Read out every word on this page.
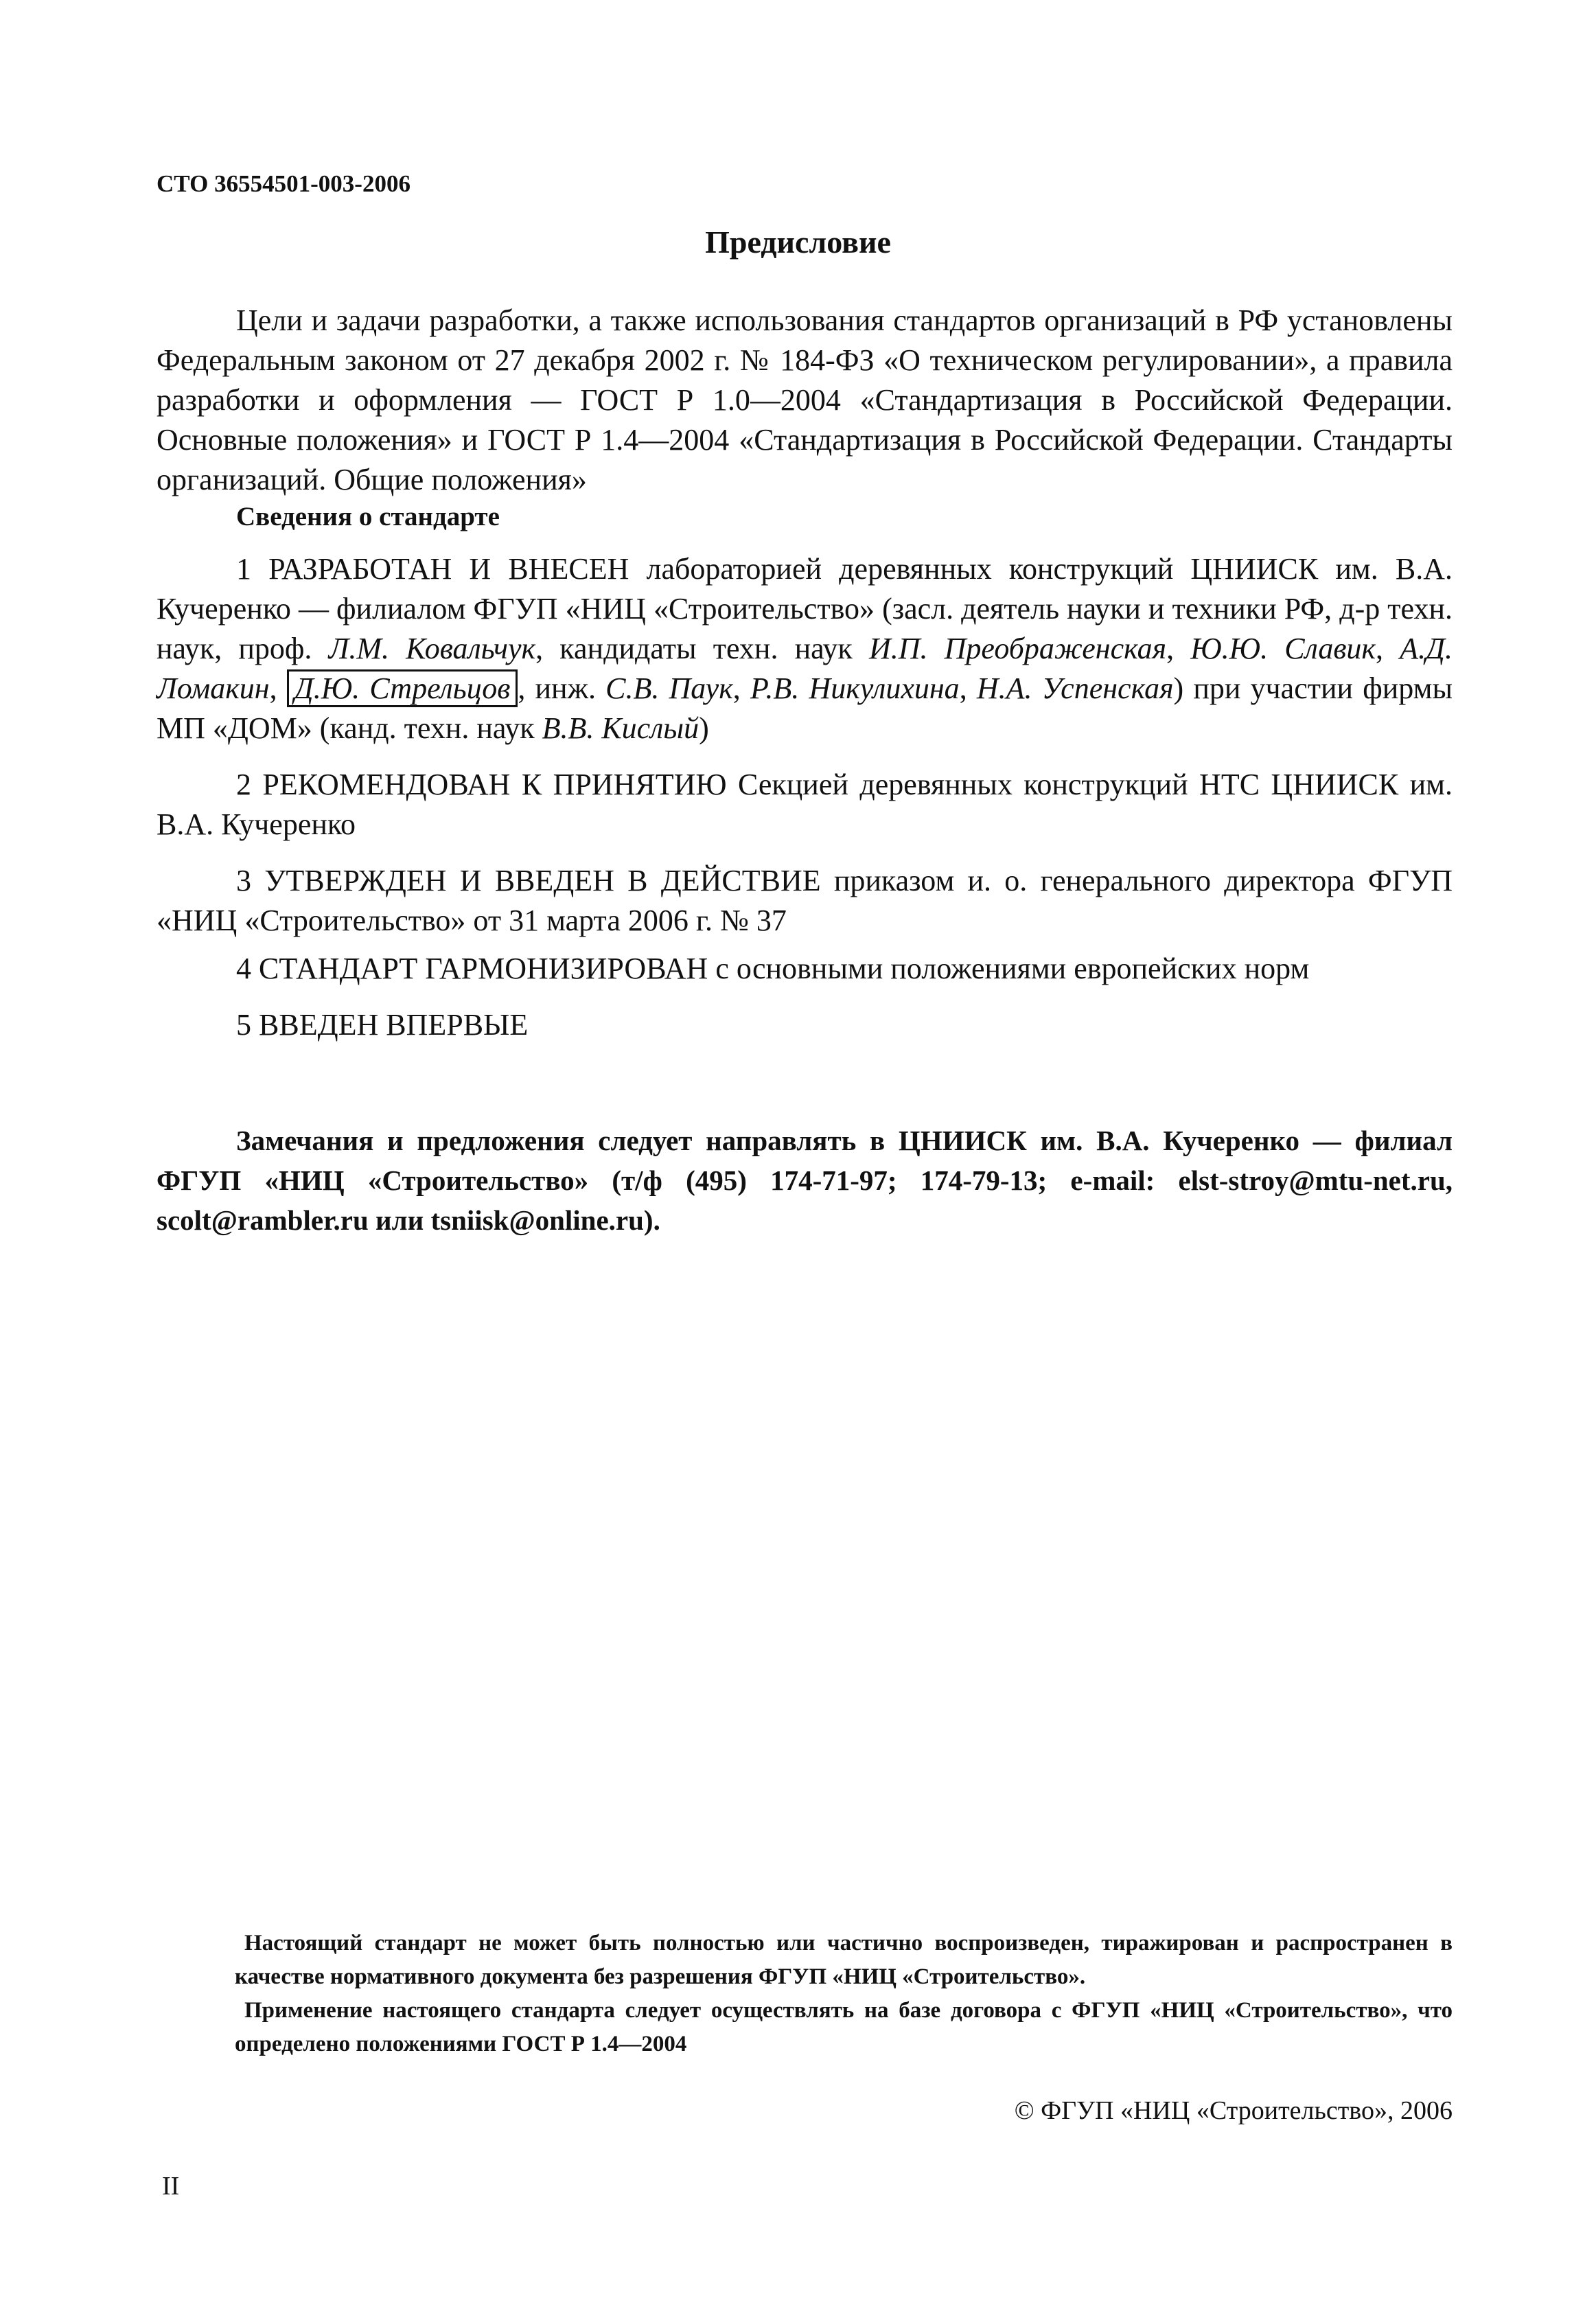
СТО 36554501-003-2006

Предисловие

Цели и задачи разработки, а также использования стандартов организаций в РФ установлены Федеральным законом от 27 декабря 2002 г. № 184-ФЗ «О техническом регулировании», а правила разработки и оформления — ГОСТ Р 1.0—2004 «Стандартизация в Российской Федерации. Основные положения» и ГОСТ Р 1.4—2004 «Стандартизация в Российской Федерации. Стандарты организаций. Общие положения»

Сведения о стандарте

1 РАЗРАБОТАН И ВНЕСЕН лабораторией деревянных конструкций ЦНИИСК им. В.А. Кучеренко — филиалом ФГУП «НИЦ «Строительство» (засл. деятель науки и техники РФ, д-р техн. наук, проф. Л.М. Ковальчук, кандидаты техн. наук И.П. Преображенская, Ю.Ю. Славик, А.Д. Ломакин, Д.Ю. Стрельцов , инж. С.В. Паук, Р.В. Никулихина, Н.А. Успенская) при участии фирмы МП «ДОМ» (канд. техн. наук В.В. Кислый)

2 РЕКОМЕНДОВАН К ПРИНЯТИЮ Секцией деревянных конструкций НТС ЦНИИСК им. В.А. Кучеренко

3 УТВЕРЖДЕН И ВВЕДЕН В ДЕЙСТВИЕ приказом и. о. генерального директора ФГУП «НИЦ «Строительство» от 31 марта 2006 г. № 37

4 СТАНДАРТ ГАРМОНИЗИРОВАН с основными положениями европейских норм

5 ВВЕДЕН ВПЕРВЫЕ

Замечания и предложения следует направлять в ЦНИИСК им. В.А. Кучеренко — филиал ФГУП «НИЦ «Строительство» (т/ф (495) 174-71-97; 174-79-13; e-mail: elst-stroy@mtu-net.ru, scolt@rambler.ru или tsniisk@online.ru).

Настоящий стандарт не может быть полностью или частично воспроизведен, тиражирован и распространен в качестве нормативного документа без разрешения ФГУП «НИЦ «Строительство».

Применение настоящего стандарта следует осуществлять на базе договора с ФГУП «НИЦ «Строительство», что определено положениями ГОСТ Р 1.4—2004

© ФГУП «НИЦ «Строительство», 2006

II
